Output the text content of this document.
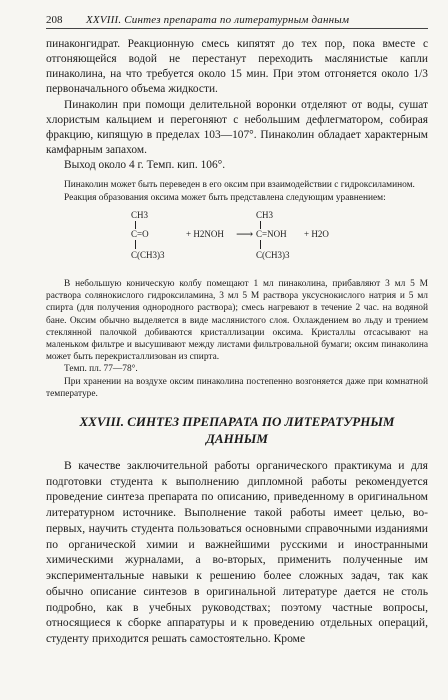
208	XXVIII. Синтез препарата по литературным данным

пинаконгидрат. Реакционную смесь кипятят до тех пор, пока вместе с отгоняющейся водой не перестанут переходить маслянистые капли пинаколина, на что требуется около 15 мин. При этом отгоняется около 1/3 первоначального объема жидкости.

Пинаколин при помощи делительной воронки отделяют от воды, сушат хлористым кальцием и перегоняют с небольшим дефлегматором, собирая фракцию, кипящую в пределах 103—107°. Пинаколин обладает характерным камфарным запахом.

Выход около 4 г. Темп. кип. 106°.

Пинаколин может быть переведен в его оксим при взаимодействии с гидроксиламином.

Реакция образования оксима может быть представлена следующим уравнением:

CH3
C=O
C(CH3)3
+ H2NOH ⟶
CH3
C=NOH
C(CH3)3
+ H2O

В небольшую коническую колбу помещают 1 мл пинаколина, прибавляют 3 мл 5 М раствора солянокислого гидроксиламина, 3 мл 5 М раствора уксуснокислого натрия и 5 мл спирта (для получения однородного раствора); смесь нагревают в течение 2 час. на водяной бане. Оксим обычно выделяется в виде маслянистого слоя. Охлаждением во льду и трением стеклянной палочкой добиваются кристаллизации оксима. Кристаллы отсасывают на маленьком фильтре и высушивают между листами фильтровальной бумаги; оксим пинаколина может быть перекристаллизован из спирта.

Темп. пл. 77—78°.

При хранении на воздухе оксим пинаколина постепенно возгоняется даже при комнатной температуре.

XXVIII. СИНТЕЗ ПРЕПАРАТА ПО ЛИТЕРАТУРНЫМ ДАННЫМ

В качестве заключительной работы органического практикума и для подготовки студента к выполнению дипломной работы рекомендуется проведение синтеза препарата по описанию, приведенному в оригинальном литературном источнике. Выполнение такой работы имеет целью, во-первых, научить студента пользоваться основными справочными изданиями по органической химии и важнейшими русскими и иностранными химическими журналами, а во-вторых, применить полученные им экспериментальные навыки к решению более сложных задач, так как обычно описание синтезов в оригинальной литературе дается не столь подробно, как в учебных руководствах; поэтому частные вопросы, относящиеся к сборке аппаратуры и к проведению отдельных операций, студенту приходится решать самостоятельно. Кроме
